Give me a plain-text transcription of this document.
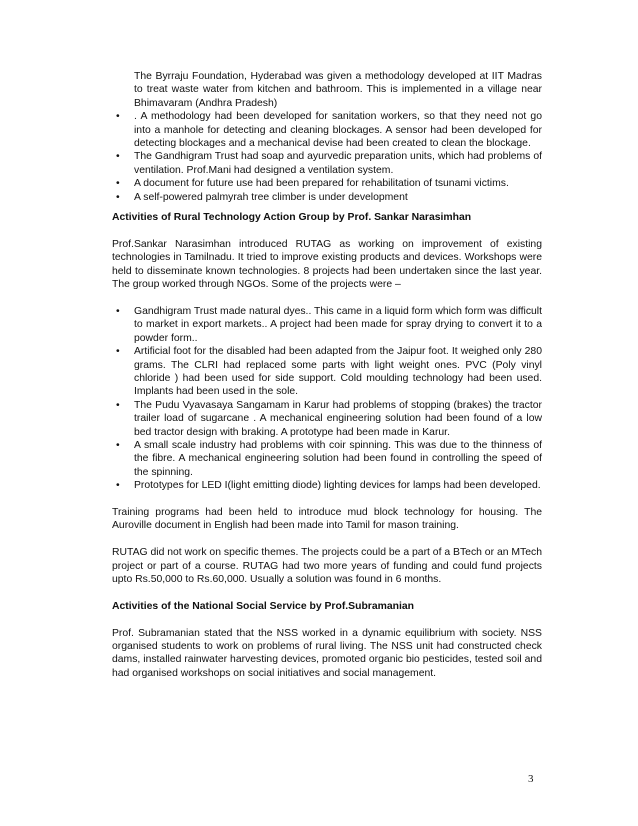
The Byrraju Foundation, Hyderabad was given a methodology developed at IIT Madras to treat waste water from kitchen and bathroom. This is implemented in a village near Bhimavaram (Andhra Pradesh)

• . A methodology had been developed for sanitation workers, so that they need not go into a manhole for detecting and cleaning blockages. A sensor had been developed for detecting blockages and a mechanical devise had been created to clean the blockage.
• The Gandhigram Trust had soap and ayurvedic preparation units, which had problems of ventilation. Prof.Mani had designed a ventilation system.
• A document for future use had been prepared for rehabilitation of tsunami victims.
• A self-powered palmyrah tree climber is under development

Activities of Rural Technology Action Group by Prof. Sankar Narasimhan

Prof.Sankar Narasimhan introduced RUTAG as working on improvement of existing technologies in Tamilnadu. It tried to improve existing products and devices. Workshops were held to disseminate known technologies. 8 projects had been undertaken since the last year. The group worked through NGOs. Some of the projects were –

• Gandhigram Trust made natural dyes.. This came in a liquid form which form was difficult to market in export markets.. A project had been made for spray drying to convert it to a powder form..
• Artificial foot for the disabled had been adapted from the Jaipur foot. It weighed only 280 grams. The CLRI had replaced some parts with light weight ones. PVC (Poly vinyl chloride ) had been used for side support. Cold moulding technology had been used. Implants had been used in the sole.
• The Pudu Vyavasaya Sangamam in Karur had problems of stopping (brakes) the tractor trailer load of sugarcane . A mechanical engineering solution had been found of a low bed tractor design with braking. A prototype had been made in Karur.
• A small scale industry had problems with coir spinning. This was due to the thinness of the fibre. A mechanical engineering solution had been found in controlling the speed of the spinning.
• Prototypes for LED I(light emitting diode) lighting devices for lamps had been developed.

Training programs had been held to introduce mud block technology for housing. The Auroville document in English had been made into Tamil for mason training.

RUTAG did not work on specific themes. The projects could be a part of a BTech or an MTech project or part of a course. RUTAG had two more years of funding and could fund projects upto Rs.50,000 to Rs.60,000. Usually a solution was found in 6 months.

Activities of the National Social Service by Prof.Subramanian

Prof. Subramanian stated that the NSS worked in a dynamic equilibrium with society. NSS organised students to work on problems of rural living. The NSS unit had constructed check dams, installed rainwater harvesting devices, promoted organic bio pesticides, tested soil and had organised workshops on social initiatives and social management.

3
